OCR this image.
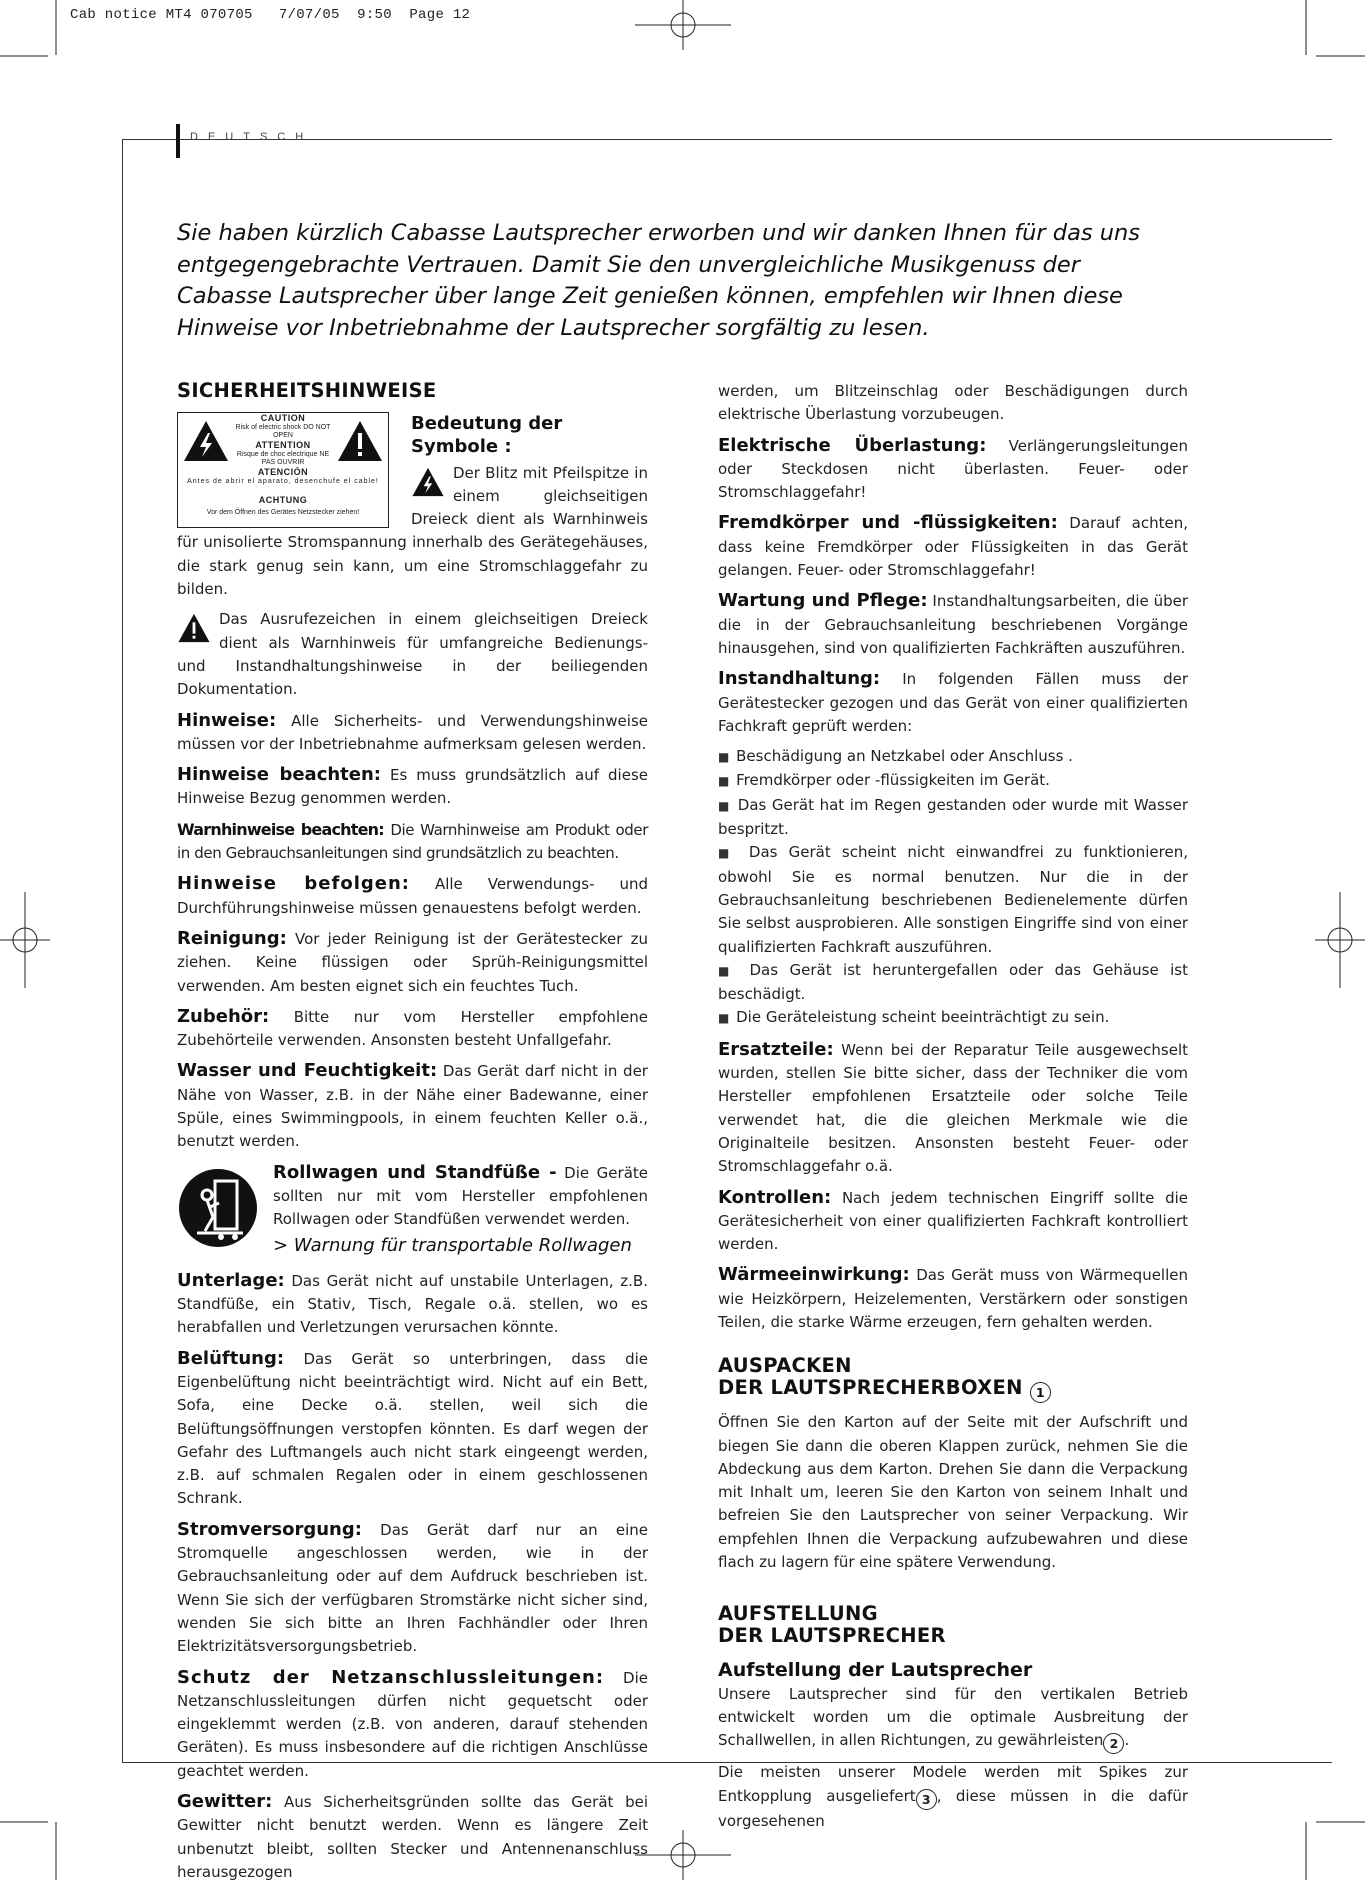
Cab notice MT4 070705   7/07/05  9:50  Page 12
DEUTSCH
Sie haben kürzlich Cabasse Lautsprecher erworben und wir danken Ihnen für das uns entgegengebrachte Vertrauen. Damit Sie den unvergleichliche Musikgenuss der Cabasse Lautsprecher über lange Zeit genießen können, empfehlen wir Ihnen diese Hinweise vor Inbetriebnahme der Lautsprecher sorgfältig zu lesen.
SICHERHEITSHINWEISE
CAUTION
Risk of electric shock DO NOT OPEN
ATTENTION
Risque de choc electrique NE PAS OUVRIR
ATENCIÓN
Antes de abrir el aparato, desenchufe el cable!
ACHTUNG
Vor dem Öffnen des Gerätes Netzstecker ziehen!
Bedeutung der Symbole :

Der Blitz mit Pfeilspitze in einem gleichseitigen Dreieck dient als Warnhinweis für unisolierte Stromspannung innerhalb des Gerätegehäuses, die stark genug sein kann, um eine Stromschlaggefahr zu bilden.

Das Ausrufezeichen in einem gleichseitigen Dreieck dient als Warnhinweis für umfangreiche Bedienungs- und Instandhaltungshinweise in der beiliegenden Dokumentation.

Hinweise: Alle Sicherheits- und Verwendungshinweise müssen vor der Inbetriebnahme aufmerksam gelesen werden.

Hinweise beachten: Es muss grundsätzlich auf diese Hinweise Bezug genommen werden.

Warnhinweise beachten: Die Warnhinweise am Produkt oder in den Gebrauchsanleitungen sind grundsätzlich zu beachten.

Hinweise befolgen: Alle Verwendungs- und Durchführungshinweise müssen genauestens befolgt werden.

Reinigung: Vor jeder Reinigung ist der Gerätestecker zu ziehen. Keine flüssigen oder Sprüh-Reinigungsmittel verwenden. Am besten eignet sich ein feuchtes Tuch.

Zubehör: Bitte nur vom Hersteller empfohlene Zubehörteile verwenden. Ansonsten besteht Unfallgefahr.

Wasser und Feuchtigkeit: Das Gerät darf nicht in der Nähe von Wasser, z.B. in der Nähe einer Badewanne, einer Spüle, eines Swimmingpools, in einem feuchten Keller o.ä., benutzt werden.

Rollwagen und Standfüße - Die Geräte sollten nur mit vom Hersteller empfohlenen Rollwagen oder Standfüßen verwendet werden.

> Warnung für transportable Rollwagen

Unterlage: Das Gerät nicht auf unstabile Unterlagen, z.B. Standfüße, ein Stativ, Tisch, Regale o.ä. stellen, wo es herabfallen und Verletzungen verursachen könnte.

Belüftung: Das Gerät so unterbringen, dass die Eigenbelüftung nicht beeinträchtigt wird. Nicht auf ein Bett, Sofa, eine Decke o.ä. stellen, weil sich die Belüftungsöffnungen verstopfen könnten. Es darf wegen der Gefahr des Luftmangels auch nicht stark eingeengt werden, z.B. auf schmalen Regalen oder in einem geschlossenen Schrank.

Stromversorgung: Das Gerät darf nur an eine Stromquelle angeschlossen werden, wie in der Gebrauchsanleitung oder auf dem Aufdruck beschrieben ist. Wenn Sie sich der verfügbaren Stromstärke nicht sicher sind, wenden Sie sich bitte an Ihren Fachhändler oder Ihren Elektrizitätsversorgungsbetrieb.

Schutz der Netzanschlussleitungen: Die Netzanschlussleitungen dürfen nicht gequetscht oder eingeklemmt werden (z.B. von anderen, darauf stehenden Geräten). Es muss insbesondere auf die richtigen Anschlüsse geachtet werden.

Gewitter: Aus Sicherheitsgründen sollte das Gerät bei Gewitter nicht benutzt werden. Wenn es längere Zeit unbenutzt bleibt, sollten Stecker und Antennenanschluss herausgezogen

werden, um Blitzeinschlag oder Beschädigungen durch elektrische Überlastung vorzubeugen.

Elektrische Überlastung: Verlängerungsleitungen oder Steckdosen nicht überlasten. Feuer- oder Stromschlaggefahr!

Fremdkörper und -flüssigkeiten: Darauf achten, dass keine Fremdkörper oder Flüssigkeiten in das Gerät gelangen. Feuer- oder Stromschlaggefahr!

Wartung und Pflege: Instandhaltungsarbeiten, die über die in der Gebrauchsanleitung beschriebenen Vorgänge hinausgehen, sind von qualifizierten Fachkräften auszuführen.

Instandhaltung: In folgenden Fällen muss der Gerätestecker gezogen und das Gerät von einer qualifizierten Fachkraft geprüft werden:

■ Beschädigung an Netzkabel oder Anschluss .

■ Fremdkörper oder -flüssigkeiten im Gerät.

■ Das Gerät hat im Regen gestanden oder wurde mit Wasser bespritzt.

■ Das Gerät scheint nicht einwandfrei zu funktionieren, obwohl Sie es normal benutzen. Nur die in der Gebrauchsanleitung beschriebenen Bedienelemente dürfen Sie selbst ausprobieren. Alle sonstigen Eingriffe sind von einer qualifizierten Fachkraft auszuführen.

■ Das Gerät ist heruntergefallen oder das Gehäuse ist beschädigt.

■ Die Geräteleistung scheint beeinträchtigt zu sein.

Ersatzteile: Wenn bei der Reparatur Teile ausgewechselt wurden, stellen Sie bitte sicher, dass der Techniker die vom Hersteller empfohlenen Ersatzteile oder solche Teile verwendet hat, die die gleichen Merkmale wie die Originalteile besitzen. Ansonsten besteht Feuer- oder Stromschlaggefahr o.ä.

Kontrollen: Nach jedem technischen Eingriff sollte die Gerätesicherheit von einer qualifizierten Fachkraft kontrolliert werden.

Wärmeeinwirkung: Das Gerät muss von Wärmequellen wie Heizkörpern, Heizelementen, Verstärkern oder sonstigen Teilen, die starke Wärme erzeugen, fern gehalten werden.

AUSPACKEN
DER LAUTSPRECHERBOXEN 1

Öffnen Sie den Karton auf der Seite mit der Aufschrift und biegen Sie dann die oberen Klappen zurück, nehmen Sie die Abdeckung aus dem Karton. Drehen Sie dann die Verpackung mit Inhalt um, leeren Sie den Karton von seinem Inhalt und befreien Sie den Lautsprecher von seiner Verpackung. Wir empfehlen Ihnen die Verpackung aufzubewahren und diese flach zu lagern für eine spätere Verwendung.

AUFSTELLUNG
DER LAUTSPRECHER
Aufstellung der Lautsprecher

Unsere Lautsprecher sind für den vertikalen Betrieb entwickelt worden um die optimale Ausbreitung der Schallwellen, in allen Richtungen, zu gewährleisten 2 .

Die meisten unserer Modele werden mit Spikes zur Entkopplung ausgeliefert 3 , diese müssen in die dafür vorgesehenen
